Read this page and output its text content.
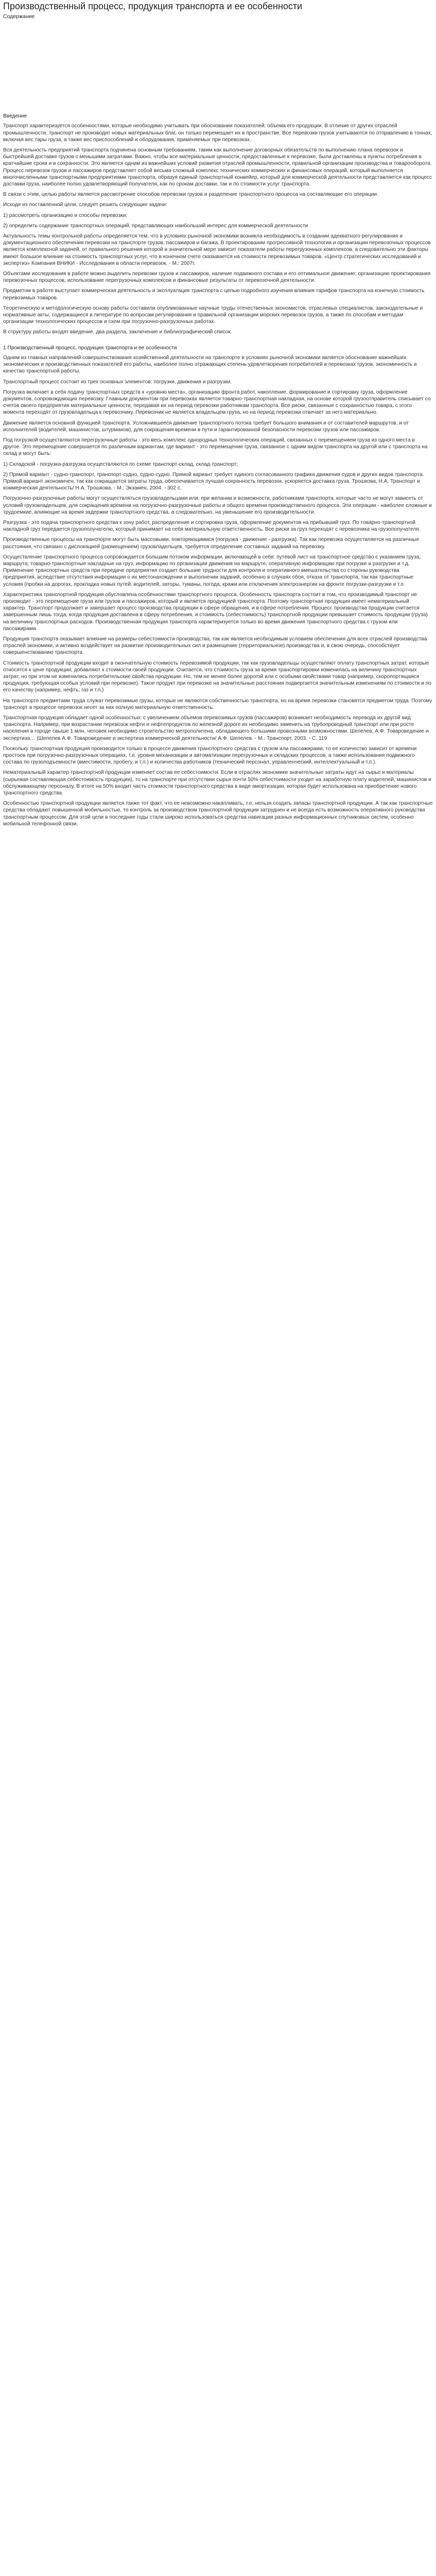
Производственный процесс, продукция транспорта и ее особенности
Содержание
Введение

Транспорт характеризуется особенностями, которые необходимо учитывать при обосновании показателей; объема его продукции. В отличие от других отраслей промышленности, транспорт не производит новых материальных благ, он только перемещает их в пространстве. Все перевозки грузов учитываются по отправлению в тоннах, включая вес тары груза, а также вес приспособлений и оборудования, применяемых при перевозках.

Вся деятельность предприятий транспорта подчинена основным требованиям, таким как выполнение договорных обязательств по выполнению плана перевозок и быстрейшей доставке грузов с меньшими затратами. Важно, чтобы все материальные ценности, предоставленные к перевозке, были доставлены в пункты потребления в кратчайшие сроки и в сохранности. Это является одним из важнейших условий развития отраслей промышленности, правильной организации производства и товарооборота. Процесс перевозок грузов и пассажиров представляет собой весьма сложный комплекс технических коммерческих и финансовых операций, который выполняется многочисленными транспортными предприятиями транспорта, образуя единый транспортный конвейер, который для коммерческой деятельности представляется как процесс доставки груза, наиболее полно удовлетворяющий получателя, как по срокам доставки, так и по стоимости услуг транспорта.

В связи с этим, целью работы является рассмотрение способов перевозки грузов и разделение транспортного процесса на составляющие его операции.

Исходя из поставленной цели, следует решить следующие задачи:

1) рассмотреть организацию и способы перевозки;

2) определить содержание транспортных операций, представляющих наибольший интерес для коммерческой деятельности

Актуальность темы контрольной работы определяется тем, что в условиях рыночной экономики возникла необходимость в создании адекватного регулирования и документационного обеспечения перевозки на транспорте грузов, пассажиров и багажа. В проектировании прогрессивной технологии и организации перевозочных процессов является комплексной задачей, от правильного решения которой в значительной мере зависит показатели работы перегрузочных комплексов, а следовательно эти факторы имеют большое влияние на стоимость транспортных услуг, что в конечном счете сказывается на стоимости перевозимых товаров. «Центр стратегических исследований и экспертиз» Компания ВНИКИ - Исследования в области перевозок. - М.: 2007г.

Объектами исследования в работе можно выделить перевозки грузов и пассажиров, наличие подвижного состава и его оптимальное движение; организацию проектирования перевозочных процессов, использование перегрузочных комплексов и финансовые результаты от перевозочной деятельности.

Предметом в работе выступает коммерческая деятельность и эксплуатация транспорта с целью подробного изучения влияния тарифов транспорта на конечную стоимость перевозимых товаров.

Теоретическую и методологическую основу работы составили опубликованные научные труды отечественных экономистов, отраслевых специалистов, законодательные и нормативные акты, содержащиеся в литературе по вопросам регулирования и правильной организации морских перевозок грузов, а также по способам и методам организации технологических процессов и схем при погрузочно-разгрузочных работах.

В структуру работы входят введение, два раздела, заключение и библиографический список.

1 Производственный процесс, продукция транспорта и ее особенности

Одним из главных направлений совершенствования хозяйственной деятельности на транспорте в условиях рыночной экономики является обоснование важнейших экономических и производственных показателей его работы, наиболее полно отражающих степень удовлетворения потребителей в перевозках грузов, экономичность и качество транспортной работы.

Транспортный процесс состоит из трех основных элементов: погрузки, движения и разгрузки.

Погрузка включает в себя подачу транспортных средств к «уровню места», организацию фронта работ, накопление, формирование и сортировку груза, оформление документов, сопровождающих перевозку. Главным документом при перевозках является товарно-транспортная накладная, на основе которой грузоотправитель списывает со счетов своего предприятия материальные ценности, передавая их на период перевозки работникам транспорта. Все риски, связанные с сохранностью товара, с этого момента переходят от грузовладельца к перевозчику. Перевозчик не является владельцем груза, но на период перевозки отвечает за него материально.

Движение является основной функцией транспорта. Усложнившееся движение транспортного потока требует большого внимания и от составителей маршрутов, и от исполнителей (водителей, машинистов, штурманов), для сокращения времени в пути и гарантированной безопасности перевозки грузов или пассажиров.

Под погрузкой осуществляются перегрузочные работы - это весь комплекс однородных технологических операций, связанных с перемещением груза из одного места в другое. Это перемещение совершается по различным вариантам, где вариант - это перемещение груза, связанное с одним видом транспорта на другой или с транспорта на склад и могут быть:

1) Складской - погрузка-разгрузка осуществляются по схеме транспорт-склад, склад-транспорт;

2) Прямой вариант - судно-транспорт, транспорт-судно, судно-судно. Прямой вариант требует единого согласованного графика движения судов и других видов транспорта. Прямой вариант экономичен, так как сокращается затраты труда, обеспечивается лучшая сохранность перевозок, ускоряется доставка груза. Трошкова, Н.А. Транспорт и коммерческая деятельность/ Н.А. Трошкова. - М.: Экзамен, 2004. - 302 с.

Погрузочно-разгрузочные работы могут осуществляться грузовладельцами или, при желании и возможности, работниками транспорта, которые часто не могут зависеть от условий грузовладельцев, для сокращения времени на погрузочно-разгрузочные работы и общего времени производственного процесса. Эти операции - наиболее сложные и трудоемкие, влияющие на время задержки транспортного средства, а следовательно, на уменьшение его производительности.

Разгрузка - это подача транспортного средства к зону работ, распределение и сортировка груза, оформление документов на прибывший груз. По товарно-транспортной накладной груз передается грузополучателю, который принимает на себя материальную ответственность. Все риски за груз переходят с перевозчика на грузополучателя.

Производственные процессы на транспорте могут быть массовыми, повторяющимися (погрузка - движение - разгрузка). Так как перевозка осуществляется на различные расстояния, что связано с дислокацией (размещением) грузовладельцев, требуется определение составных заданий на перевозку.

Осуществление транспортного процесса сопровождается большим потоком информации, включающей в себя: путевой лист на транспортное средство с указанием груза, маршрута; товарно-транспортные накладные на груз, информацию по организации движения на маршруте, оперативную информацию при погрузке и разгрузке и т.д. Применение транспортных средств при передаче предприятия создает большие трудности для контроля и оперативного вмешательства со стороны руководства предприятия, вследствие отсутствия информации о их местонахождении и выполнении заданий, особенно в случаях сбоя, отказа от транспорта, так как транспортные условия (пробки на дорогах, прокладка новых путей, водителей, заторы, туманы, погода, кражи или отключения электроэнергии на фронте погрузки-разгрузки и т.п.

Характеристика транспортной продукции обусловлена особенностями транспортного процесса. Особенность транспорта состоит в том, что производимый транспорт не производит - это перемещение груза или грузов и пассажиров, который и является продукцией транспорта. Поэтому транспортная продукция имеет нематериальный характер. Транспорт продолжает и завершает процесс производства продукции в сфере обращения, и в сфере потребления. Процесс производства продукции считается завершенным лишь тогда, когда продукция доставлена в сферу потребления, и стоимость (себестоимость) транспортной продукции превышает стоимость продукции (груза) на величину транспортных расходов. Производственная продукция транспорта характеризуется только во время движения транспортного средства с грузом или пассажирами.

Продукция транспорта оказывает влияние на размеры себестоимости производства, так как является необходимым условием обеспечения для всех отраслей производства отраслей экономики, и активно воздействует на развитие производительных сил и размещение (территориальное) производства и, в свою очередь, способствует совершенствованию транспорта.

Стоимость транспортной продукции входит в окончательную стоимость перевозимой продукции, так как грузовладельцы осуществляют оплату транспортных затрат, которые относятся к цене продукции, добавляют к стоимости своей продукции. Считается, что стоимость груза за время транспортировки изменилась на величину транспортных затрат, но при этом не изменились потребительские свойства продукции. Но, тем не менее более дорогой или с особыми свойствами товар (например, скоропортящаяся продукция, требующая особых условий при перевозке). Такое продукт при перевозке на значительные расстояния подвергается значительным изменениям по стоимости и по его качеству (например, нефть, газ и т.п.)

На транспорте предметами труда служат перевозимые грузы, которые не являются собственностью транспорта, но на время перевозки становятся предметом труда. Поэтому транспорт в процессе перевозок несет за них полную материальную ответственность.

Транспортная продукция обладает одной особенностью: с увеличением объемов перевозимых грузов (пассажиров) возникает необходимость перевода их другой вид транспорта. Например, при возрастании перевозок нефти и нефтепродуктов по железной дороге их необходимо заменить на трубопроводный транспорт или при росте населения в городе свыше 1 млн. человек необходимо строительство метрополитена, обладающего большими провозными возможностями. Шепелев, А.Ф. Товароведение и экспертиза… (Шепелев А.Ф. Товароведение и экспертиза коммерческой деятельности/ А.Ф. Шепелев. - М.: Транспорт, 2003. - С. 119

Поскольку транспортная продукция производится только в процессе движения транспортного средства с грузом или пассажирами, то ее количество зависит от времени простоев при погрузочно-разгрузочных операциях, т.е. уровня механизации и автоматизации перегрузочных и складских процессов, а также использования подвижного состава по грузоподъемности (вместимости, пробегу, и т.п.) и количества работников (технический персонал, управленческий, интеллектуальный и т.п.).

Нематериальный характер транспортной продукции изменяет состав ее себестоимости. Если в отраслях экономики значительные затраты идут на сырье и материалы (сырьевая составляющая себестоимость продукции), то на транспорте при отсутствии сырья почти 50% себестоимости уходит на заработную плату водителей, машинистов и обслуживающему персоналу. В итоге на 50% входит часть стоимости транспортного средства в виде амортизации, которая будет использована на приобретение нового транспортного средства.

Особенностью транспортной продукции является также тот факт, что ее невозможно накапливать, т.е. нельзя создать запасы транспортной продукции. А так как транспортные средства обладают повышенной мобильностью, то контроль за производством транспортной продукции затруднен и не всегда есть возможность оперативного руководства транспортным процессом. Для этой цели в последние годы стали широко использоваться средства навигации разных информационных спутниковых систем, особенно мобильной телефонной связи.
